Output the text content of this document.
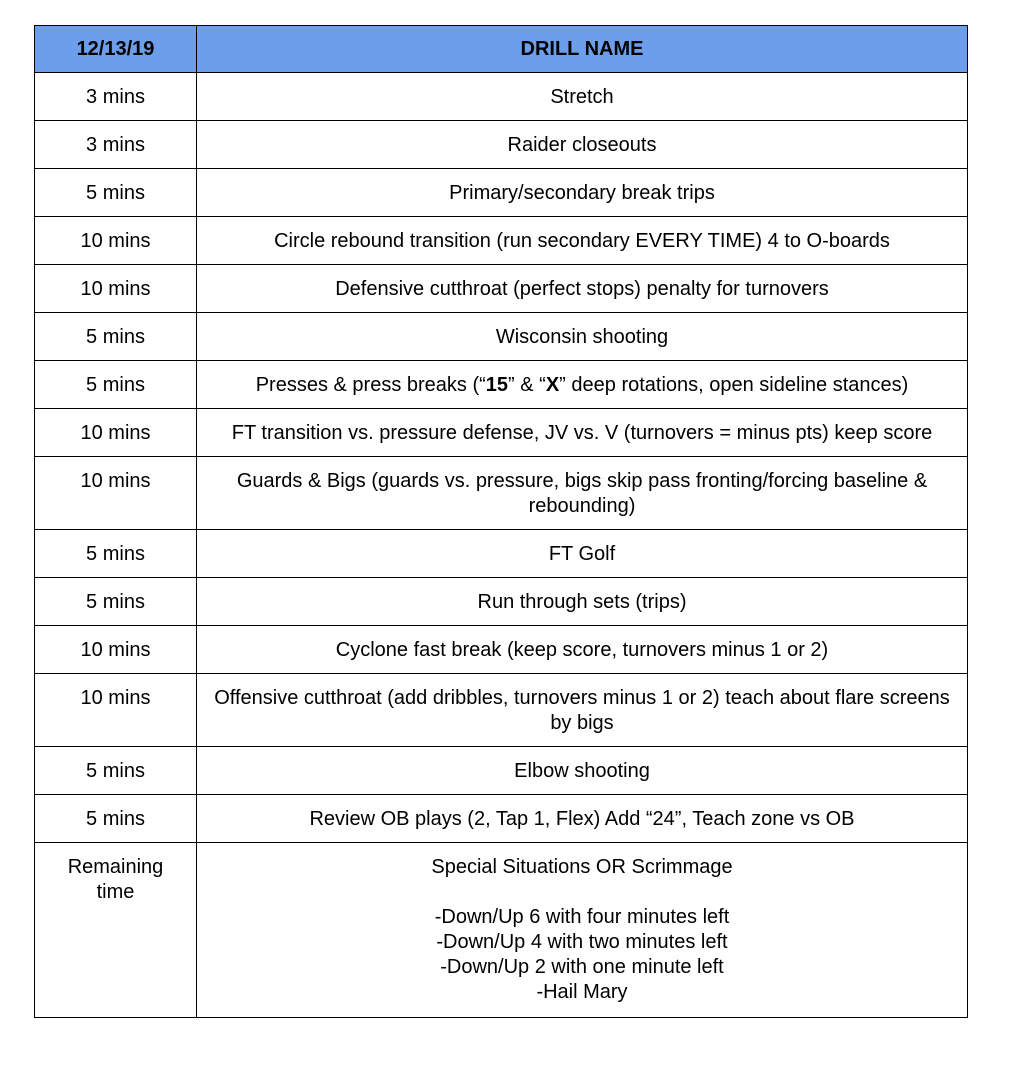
12/13/19	DRILL NAME
3 mins	Stretch
3 mins	Raider closeouts
5 mins	Primary/secondary break trips
10 mins	Circle rebound transition (run secondary EVERY TIME) 4 to O-boards
10 mins	Defensive cutthroat (perfect stops) penalty for turnovers
5 mins	Wisconsin shooting
5 mins	Presses & press breaks (“15” & “X” deep rotations, open sideline stances)
10 mins	FT transition vs. pressure defense, JV vs. V (turnovers = minus pts) keep score
10 mins	Guards & Bigs (guards vs. pressure, bigs skip pass fronting/forcing baseline & rebounding)
5 mins	FT Golf
5 mins	Run through sets (trips)
10 mins	Cyclone fast break (keep score, turnovers minus 1 or 2)
10 mins	Offensive cutthroat (add dribbles, turnovers minus 1 or 2) teach about flare screens by bigs
5 mins	Elbow shooting
5 mins	Review OB plays (2, Tap 1, Flex) Add “24”, Teach zone vs OB
Remaining time	Special Situations OR Scrimmage
-Down/Up 6 with four minutes left
-Down/Up 4 with two minutes left
-Down/Up 2 with one minute left
-Hail Mary
